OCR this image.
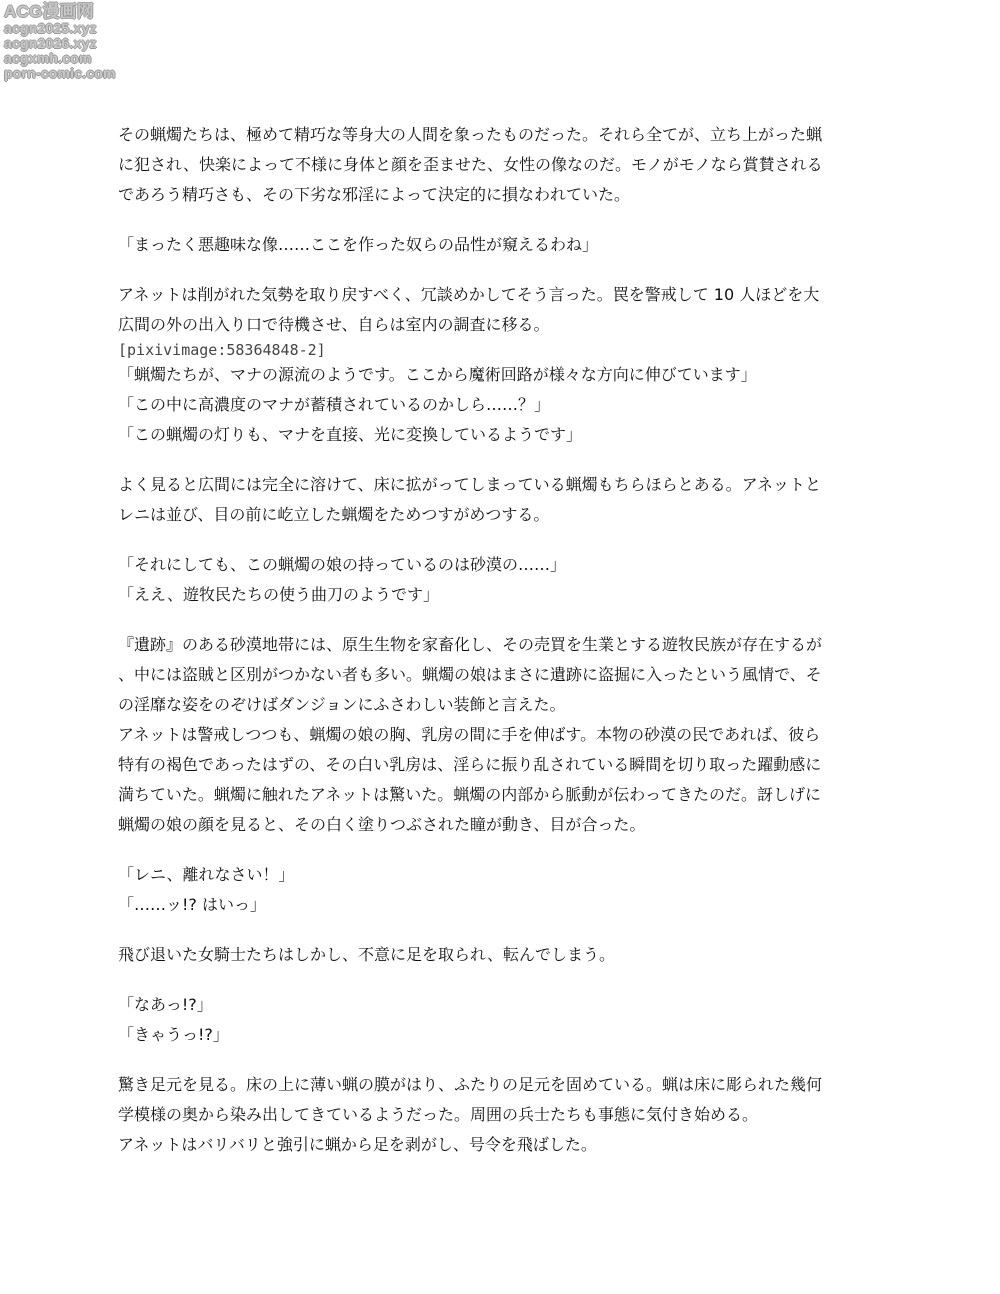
ACG漫画网
acgn2025.xyz
acgn2026.xyz
acgxmh.com
porn-comic.com
その蝋燭たちは、極めて精巧な等身大の人間を象ったものだった。それら全てが、立ち上がった蝋
に犯され、快楽によって不様に身体と顔を歪ませた、女性の像なのだ。モノがモノなら賞賛される
であろう精巧さも、その下劣な邪淫によって決定的に損なわれていた。
「まったく悪趣味な像……ここを作った奴らの品性が窺えるわね」
アネットは削がれた気勢を取り戻すべく、冗談めかしてそう言った。罠を警戒して 10 人ほどを大
広間の外の出入り口で待機させ、自らは室内の調査に移る。
[pixivimage:58364848-2]
「蝋燭たちが、マナの源流のようです。ここから魔術回路が様々な方向に伸びています」
「この中に高濃度のマナが蓄積されているのかしら……？」
「この蝋燭の灯りも、マナを直接、光に変換しているようです」
よく見ると広間には完全に溶けて、床に拡がってしまっている蝋燭もちらほらとある。アネットと
レニは並び、目の前に屹立した蝋燭をためつすがめつする。
「それにしても、この蝋燭の娘の持っているのは砂漠の……」
「ええ、遊牧民たちの使う曲刀のようです」
『遺跡』のある砂漠地帯には、原生生物を家畜化し、その売買を生業とする遊牧民族が存在するが
、中には盗賊と区別がつかない者も多い。蝋燭の娘はまさに遺跡に盗掘に入ったという風情で、そ
の淫靡な姿をのぞけばダンジョンにふさわしい装飾と言えた。
アネットは警戒しつつも、蝋燭の娘の胸、乳房の間に手を伸ばす。本物の砂漠の民であれば、彼ら
特有の褐色であったはずの、その白い乳房は、淫らに振り乱されている瞬間を切り取った躍動感に
満ちていた。蝋燭に触れたアネットは驚いた。蝋燭の内部から脈動が伝わってきたのだ。訝しげに
蝋燭の娘の顔を見ると、その白く塗りつぶされた瞳が動き、目が合った。
「レニ、離れなさい！」
「……ッ!? はいっ」
飛び退いた女騎士たちはしかし、不意に足を取られ、転んでしまう。
「なあっ!?」
「きゃうっ!?」
驚き足元を見る。床の上に薄い蝋の膜がはり、ふたりの足元を固めている。蝋は床に彫られた幾何
学模様の奥から染み出してきているようだった。周囲の兵士たちも事態に気付き始める。
アネットはバリバリと強引に蝋から足を剥がし、号令を飛ばした。
